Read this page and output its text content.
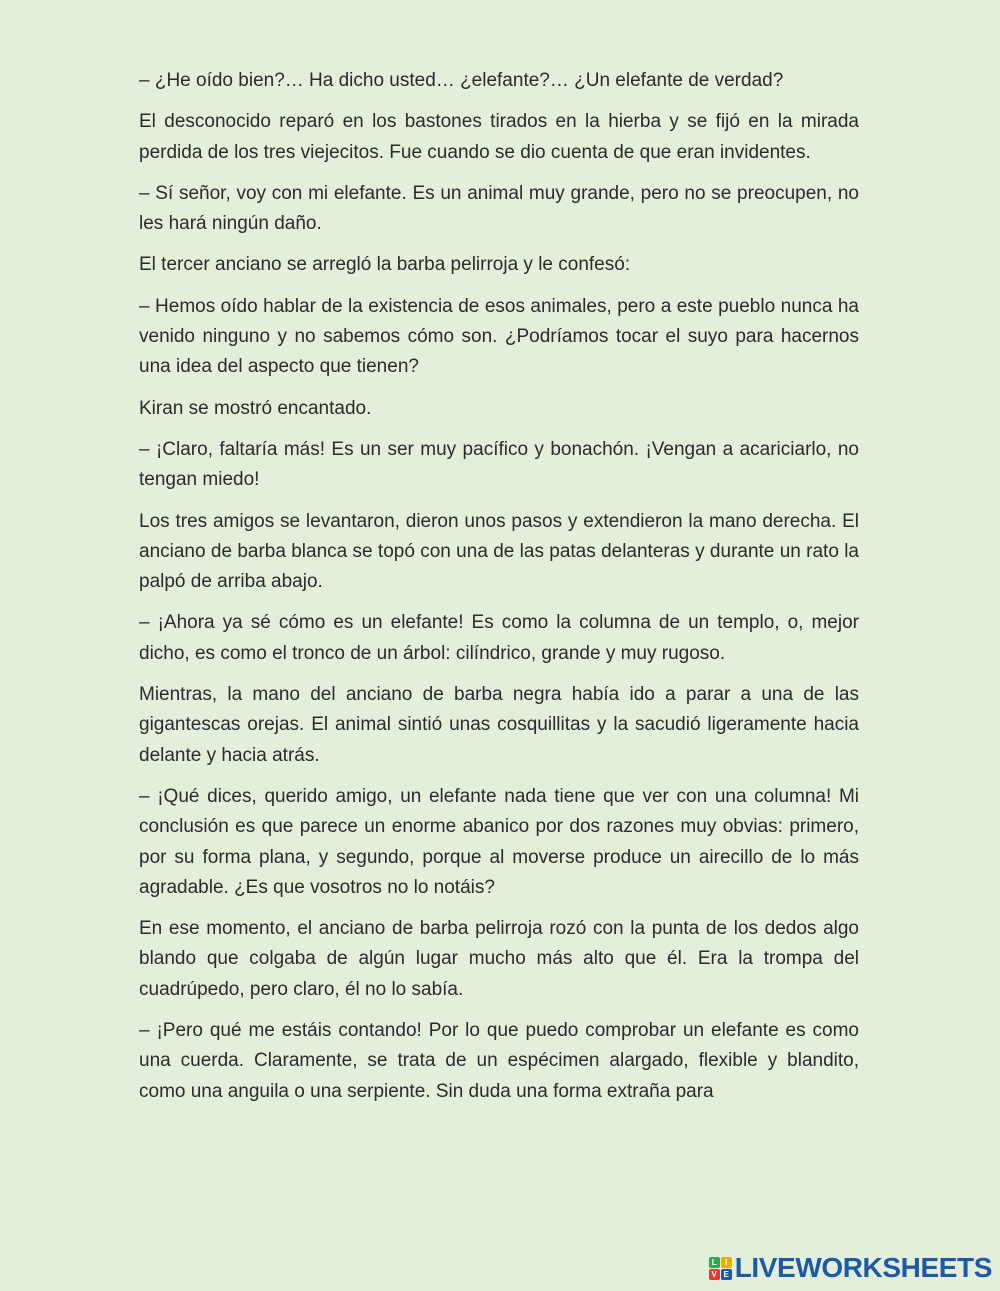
– ¿He oído bien?… Ha dicho usted… ¿elefante?… ¿Un elefante de verdad?

El desconocido reparó en los bastones tirados en la hierba y se fijó en la mirada perdida de los tres viejecitos. Fue cuando se dio cuenta de que eran invidentes.

– Sí señor, voy con mi elefante. Es un animal muy grande, pero no se preocupen, no les hará ningún daño.

El tercer anciano se arregló la barba pelirroja y le confesó:

– Hemos oído hablar de la existencia de esos animales, pero a este pueblo nunca ha venido ninguno y no sabemos cómo son. ¿Podríamos tocar el suyo para hacernos una idea del aspecto que tienen?

Kiran se mostró encantado.

– ¡Claro, faltaría más! Es un ser muy pacífico y bonachón. ¡Vengan a acariciarlo, no tengan miedo!

Los tres amigos se levantaron, dieron unos pasos y extendieron la mano derecha. El anciano de barba blanca se topó con una de las patas delanteras y durante un rato la palpó de arriba abajo.

– ¡Ahora ya sé cómo es un elefante! Es como la columna de un templo, o, mejor dicho, es como el tronco de un árbol: cilíndrico, grande y muy rugoso.

Mientras, la mano del anciano de barba negra había ido a parar a una de las gigantescas orejas. El animal sintió unas cosquillitas y la sacudió ligeramente hacia delante y hacia atrás.

– ¡Qué dices, querido amigo, un elefante nada tiene que ver con una columna! Mi conclusión es que parece un enorme abanico por dos razones muy obvias: primero, por su forma plana, y segundo, porque al moverse produce un airecillo de lo más agradable. ¿Es que vosotros no lo notáis?

En ese momento, el anciano de barba pelirroja rozó con la punta de los dedos algo blando que colgaba de algún lugar mucho más alto que él. Era la trompa del cuadrúpedo, pero claro, él no lo sabía.

– ¡Pero qué me estáis contando! Por lo que puedo comprobar un elefante es como una cuerda. Claramente, se trata de un espécimen alargado, flexible y blandito, como una anguila o una serpiente. Sin duda una forma extraña para

L	I
V E LIVEWORKSHEETS
